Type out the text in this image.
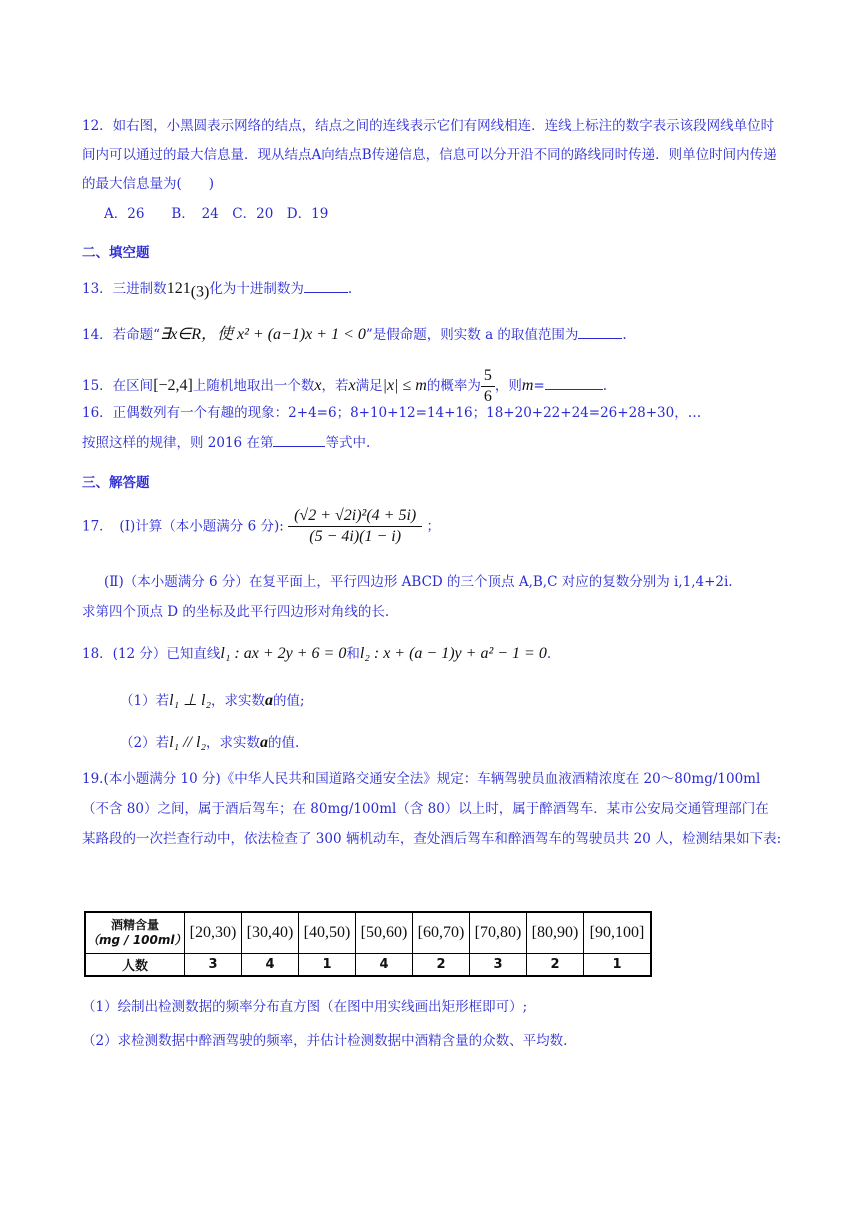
12．如右图，小黑圆表示网络的结点，结点之间的连线表示它们有网线相连．连线上标注的数字表示该段网线单位时间内可以通过的最大信息量．现从结点A向结点B传递信息，信息可以分开沿不同的路线同时传递．则单位时间内传递的最大信息量为(　　)
A．26　　B．　24　C．20　D．19
二、填空题
13．三进制数$121_{(3)}$化为十进制数为	.
14．若命题“∃x∈R，使 x² + (a−1)x + 1 < 0”是假命题，则实数 a 的取值范围为	.
15．在区间[−2,4]上随机地取出一个数x，若x满足|x| ≤ m的概率为 $\frac{5}{6}$ ，则m=	.
16．正偶数列有一个有趣的现象：2+4=6；8+10+12=14+16；18+20+22+24=26+28+30，…
按照这样的规律，则 2016 在第	等式中.
三、解答题
17．　(Ⅰ)计算（本小题满分 6 分): $\frac{\text{(√2 + √2i)²(4 + 5i)}}{(5 - 4i)(1 - i)}$ ；
(Ⅱ)（本小题满分 6 分）在复平面上，平行四边形 ABCD 的三个顶点 A,B,C 对应的复数分别为 i,1,4+2i.
求第四个顶点 D 的坐标及此平行四边形对角线的长.
18．(12 分）已知直线l₁ : ax + 2y + 6 = 0和l₂ : x + (a − 1)y + a² − 1 = 0.
（1）若l₁ ⊥ l₂，求实数a的值;
（2）若l₁ // l₂，求实数a的值.
19.(本小题满分 10 分)《中华人民共和国道路交通安全法》规定：车辆驾驶员血液酒精浓度在 20～80mg/100ml（不含 80）之间，属于酒后驾车；在 80mg/100ml（含 80）以上时，属于醉酒驾车．某市公安局交通管理部门在某路段的一次拦查行动中，依法检查了 300 辆机动车，查处酒后驾车和醉酒驾车的驾驶员共 20 人，检测结果如下表:
酒精含量
（mg / 100ml）	[20,30)	[30,40)	[40,50)	[50,60)	[60,70)	[70,80)	[80,90)	[90,100]
人数	3	4	1	4	2	3	2	1
（1）绘制出检测数据的频率分布直方图（在图中用实线画出矩形框即可）;
（2）求检测数据中醉酒驾驶的频率，并估计检测数据中酒精含量的众数、平均数.
